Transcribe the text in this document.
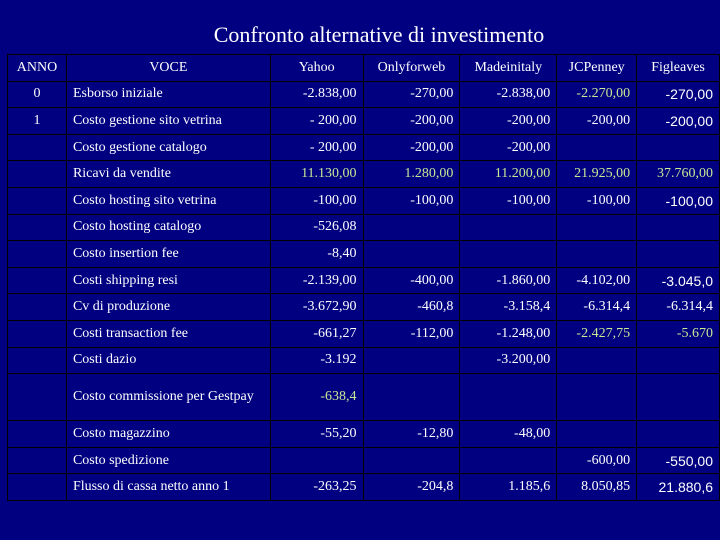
Confronto alternative di investimento
ANNO	VOCE	Yahoo	Onlyforweb	Madeinitaly	JCPenney	Figleaves
0	Esborso iniziale	-2.838,00	-270,00	-2.838,00	-2.270,00	-270,00
1	Costo gestione sito vetrina	- 200,00	-200,00	-200,00	-200,00	-200,00
	Costo gestione catalogo	- 200,00	-200,00	-200,00		
	Ricavi da vendite	11.130,00	1.280,00	11.200,00	21.925,00	37.760,00
	Costo hosting sito vetrina	-100,00	-100,00	-100,00	-100,00	-100,00
	Costo hosting catalogo	-526,08				
	Costo insertion fee	-8,40				
	Costi shipping resi	-2.139,00	-400,00	-1.860,00	-4.102,00	-3.045,0
	Cv di produzione	-3.672,90	-460,8	-3.158,4	-6.314,4	-6.314,4
	Costi transaction fee	-661,27	-112,00	-1.248,00	-2.427,75	-5.670
	Costi dazio	-3.192		-3.200,00		
	Costo commissione per Gestpay	-638,4				
	Costo magazzino	-55,20	-12,80	-48,00		
	Costo spedizione				-600,00	-550,00
	Flusso di cassa netto anno 1	-263,25	-204,8	1.185,6	8.050,85	21.880,6
